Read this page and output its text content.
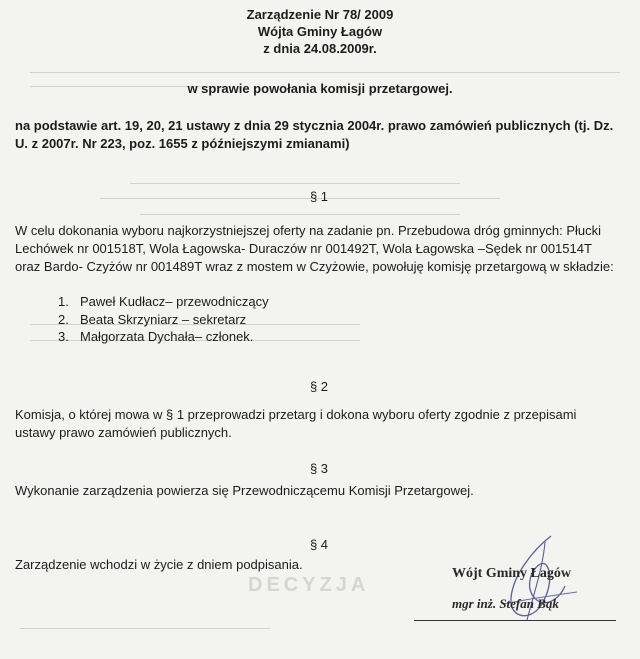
DECYZJA
Zarządzenie Nr 78/ 2009
Wójta Gminy Łagów
z dnia 24.08.2009r.
w sprawie powołania komisji przetargowej.
na podstawie art. 19, 20, 21 ustawy z dnia 29 stycznia 2004r. prawo zamówień publicznych (tj. Dz.
U. z 2007r. Nr 223, poz. 1655 z późniejszymi zmianami)
§ 1
W celu dokonania wyboru najkorzystniejszej oferty na zadanie pn. Przebudowa dróg gminnych: Płucki
Lechówek nr 001518T, Wola Łagowska- Duraczów nr 001492T, Wola Łagowska –Sędek nr 001514T
oraz Bardo- Czyżów nr 001489T wraz z mostem w Czyżowie, powołuję komisję przetargową w składzie:
1. Paweł Kudłacz– przewodniczący
2. Beata Skrzyniarz – sekretarz
3. Małgorzata Dychała– członek.
§ 2
Komisja, o której mowa w § 1 przeprowadzi przetarg i dokona wyboru oferty zgodnie z przepisami
ustawy prawo zamówień publicznych.
§ 3
Wykonanie zarządzenia powierza się Przewodniczącemu Komisji Przetargowej.
§ 4
Zarządzenie wchodzi w życie z dniem podpisania.
Wójt Gminy Łagów
mgr inż. Stefan Bąk
